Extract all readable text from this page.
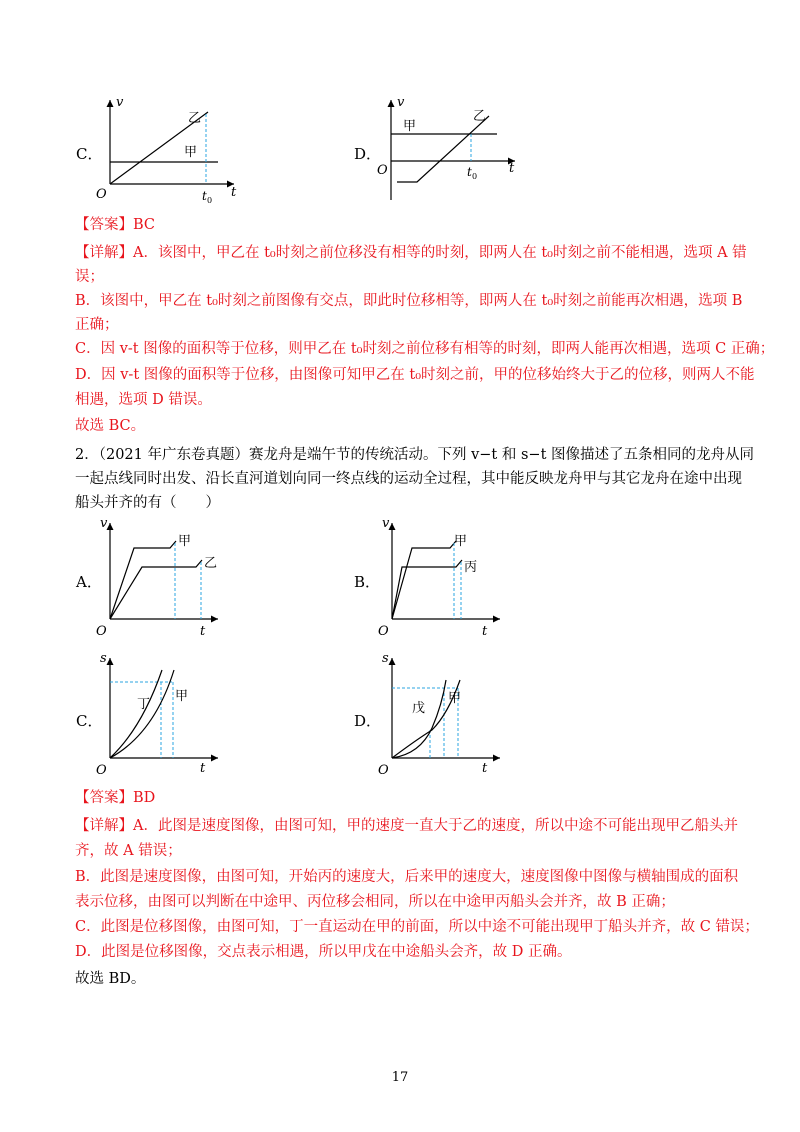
C．
v
t
O	t 0
乙
甲	D．
v
t
O	t 0
乙
甲
【答案】BC
【详解】A．该图中，甲乙在 t₀时刻之前位移没有相等的时刻，即两人在 t₀时刻之前不能相遇，选项 A 错
误；
B．该图中，甲乙在 t₀时刻之前图像有交点，即此时位移相等，即两人在 t₀时刻之前能再次相遇，选项 B
正确；
C．因 v-t 图像的面积等于位移，则甲乙在 t₀时刻之前位移有相等的时刻，即两人能再次相遇，选项 C 正确；
D．因 v-t 图像的面积等于位移，由图像可知甲乙在 t₀时刻之前，甲的位移始终大于乙的位移，则两人不能
相遇，选项 D 错误。
故选 BC。
2．（2021 年广东卷真题）赛龙舟是端午节的传统活动。下列 v−t 和 s−t 图像描述了五条相同的龙舟从同
一起点线同时出发、沿长直河道划向同一终点线的运动全过程，其中能反映龙舟甲与其它龙舟在途中出现
船头并齐的有（　　）
A．
v
t
O
甲
乙
B．
v
t
O
甲
丙
C．
s
t
O
丁
甲
D．
s
t
O
戊
甲
【答案】BD
【详解】A．此图是速度图像，由图可知，甲的速度一直大于乙的速度，所以中途不可能出现甲乙船头并
齐，故 A 错误；
B．此图是速度图像，由图可知，开始丙的速度大，后来甲的速度大，速度图像中图像与横轴围成的面积
表示位移，由图可以判断在中途甲、丙位移会相同，所以在中途甲丙船头会并齐，故 B 正确；
C．此图是位移图像，由图可知，丁一直运动在甲的前面，所以中途不可能出现甲丁船头并齐，故 C 错误；
D．此图是位移图像，交点表示相遇，所以甲戊在中途船头会齐，故 D 正确。
故选 BD。
17
